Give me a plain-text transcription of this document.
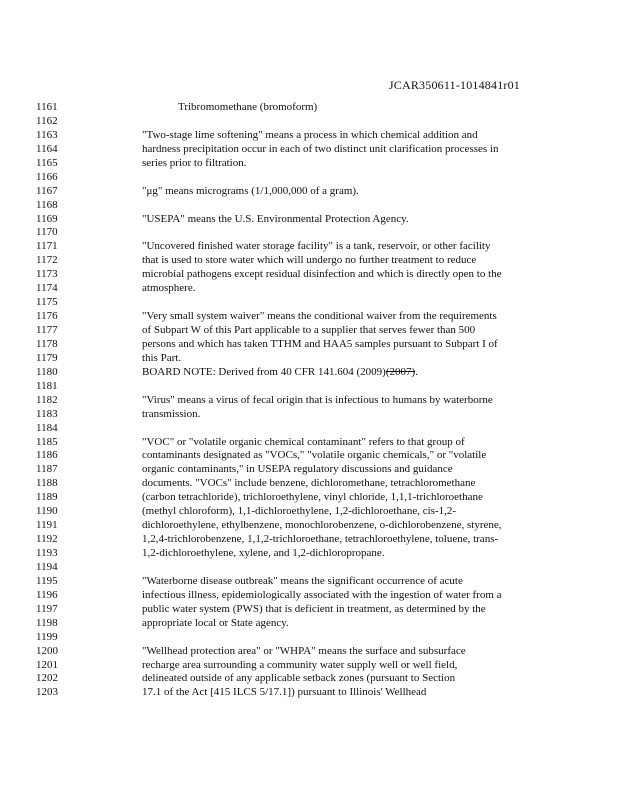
JCAR350611-1014841r01
1161	Tribromomethane (bromoform)
1162
1163	"Two-stage lime softening" means a process in which chemical addition and
1164	hardness precipitation occur in each of two distinct unit clarification processes in
1165	series prior to filtration.
1166
1167	"μg" means micrograms (1/1,000,000 of a gram).
1168
1169	"USEPA" means the U.S. Environmental Protection Agency.
1170
1171	"Uncovered finished water storage facility" is a tank, reservoir, or other facility
1172	that is used to store water which will undergo no further treatment to reduce
1173	microbial pathogens except residual disinfection and which is directly open to the
1174	atmosphere.
1175
1176	"Very small system waiver" means the conditional waiver from the requirements
1177	of Subpart W of this Part applicable to a supplier that serves fewer than 500
1178	persons and which has taken TTHM and HAA5 samples pursuant to Subpart I of
1179	this Part.
1180	BOARD NOTE: Derived from 40 CFR 141.604 (2009)(2007).
1181
1182	"Virus" means a virus of fecal origin that is infectious to humans by waterborne
1183	transmission.
1184
1185	"VOC" or "volatile organic chemical contaminant" refers to that group of
1186	contaminants designated as "VOCs," "volatile organic chemicals," or "volatile
1187	organic contaminants," in USEPA regulatory discussions and guidance
1188	documents. "VOCs" include benzene, dichloromethane, tetrachloromethane
1189	(carbon tetrachloride), trichloroethylene, vinyl chloride, 1,1,1-trichloroethane
1190	(methyl chloroform), 1,1-dichloroethylene, 1,2-dichloroethane, cis-1,2-
1191	dichloroethylene, ethylbenzene, monochlorobenzene, o-dichlorobenzene, styrene,
1192	1,2,4-trichlorobenzene, 1,1,2-trichloroethane, tetrachloroethylene, toluene, trans-
1193	1,2-dichloroethylene, xylene, and 1,2-dichloropropane.
1194
1195	"Waterborne disease outbreak" means the significant occurrence of acute
1196	infectious illness, epidemiologically associated with the ingestion of water from a
1197	public water system (PWS) that is deficient in treatment, as determined by the
1198	appropriate local or State agency.
1199
1200	"Wellhead protection area" or "WHPA" means the surface and subsurface
1201	recharge area surrounding a community water supply well or well field,
1202	delineated outside of any applicable setback zones (pursuant to Section
1203	17.1 of the Act [415 ILCS 5/17.1]) pursuant to Illinois' Wellhead
